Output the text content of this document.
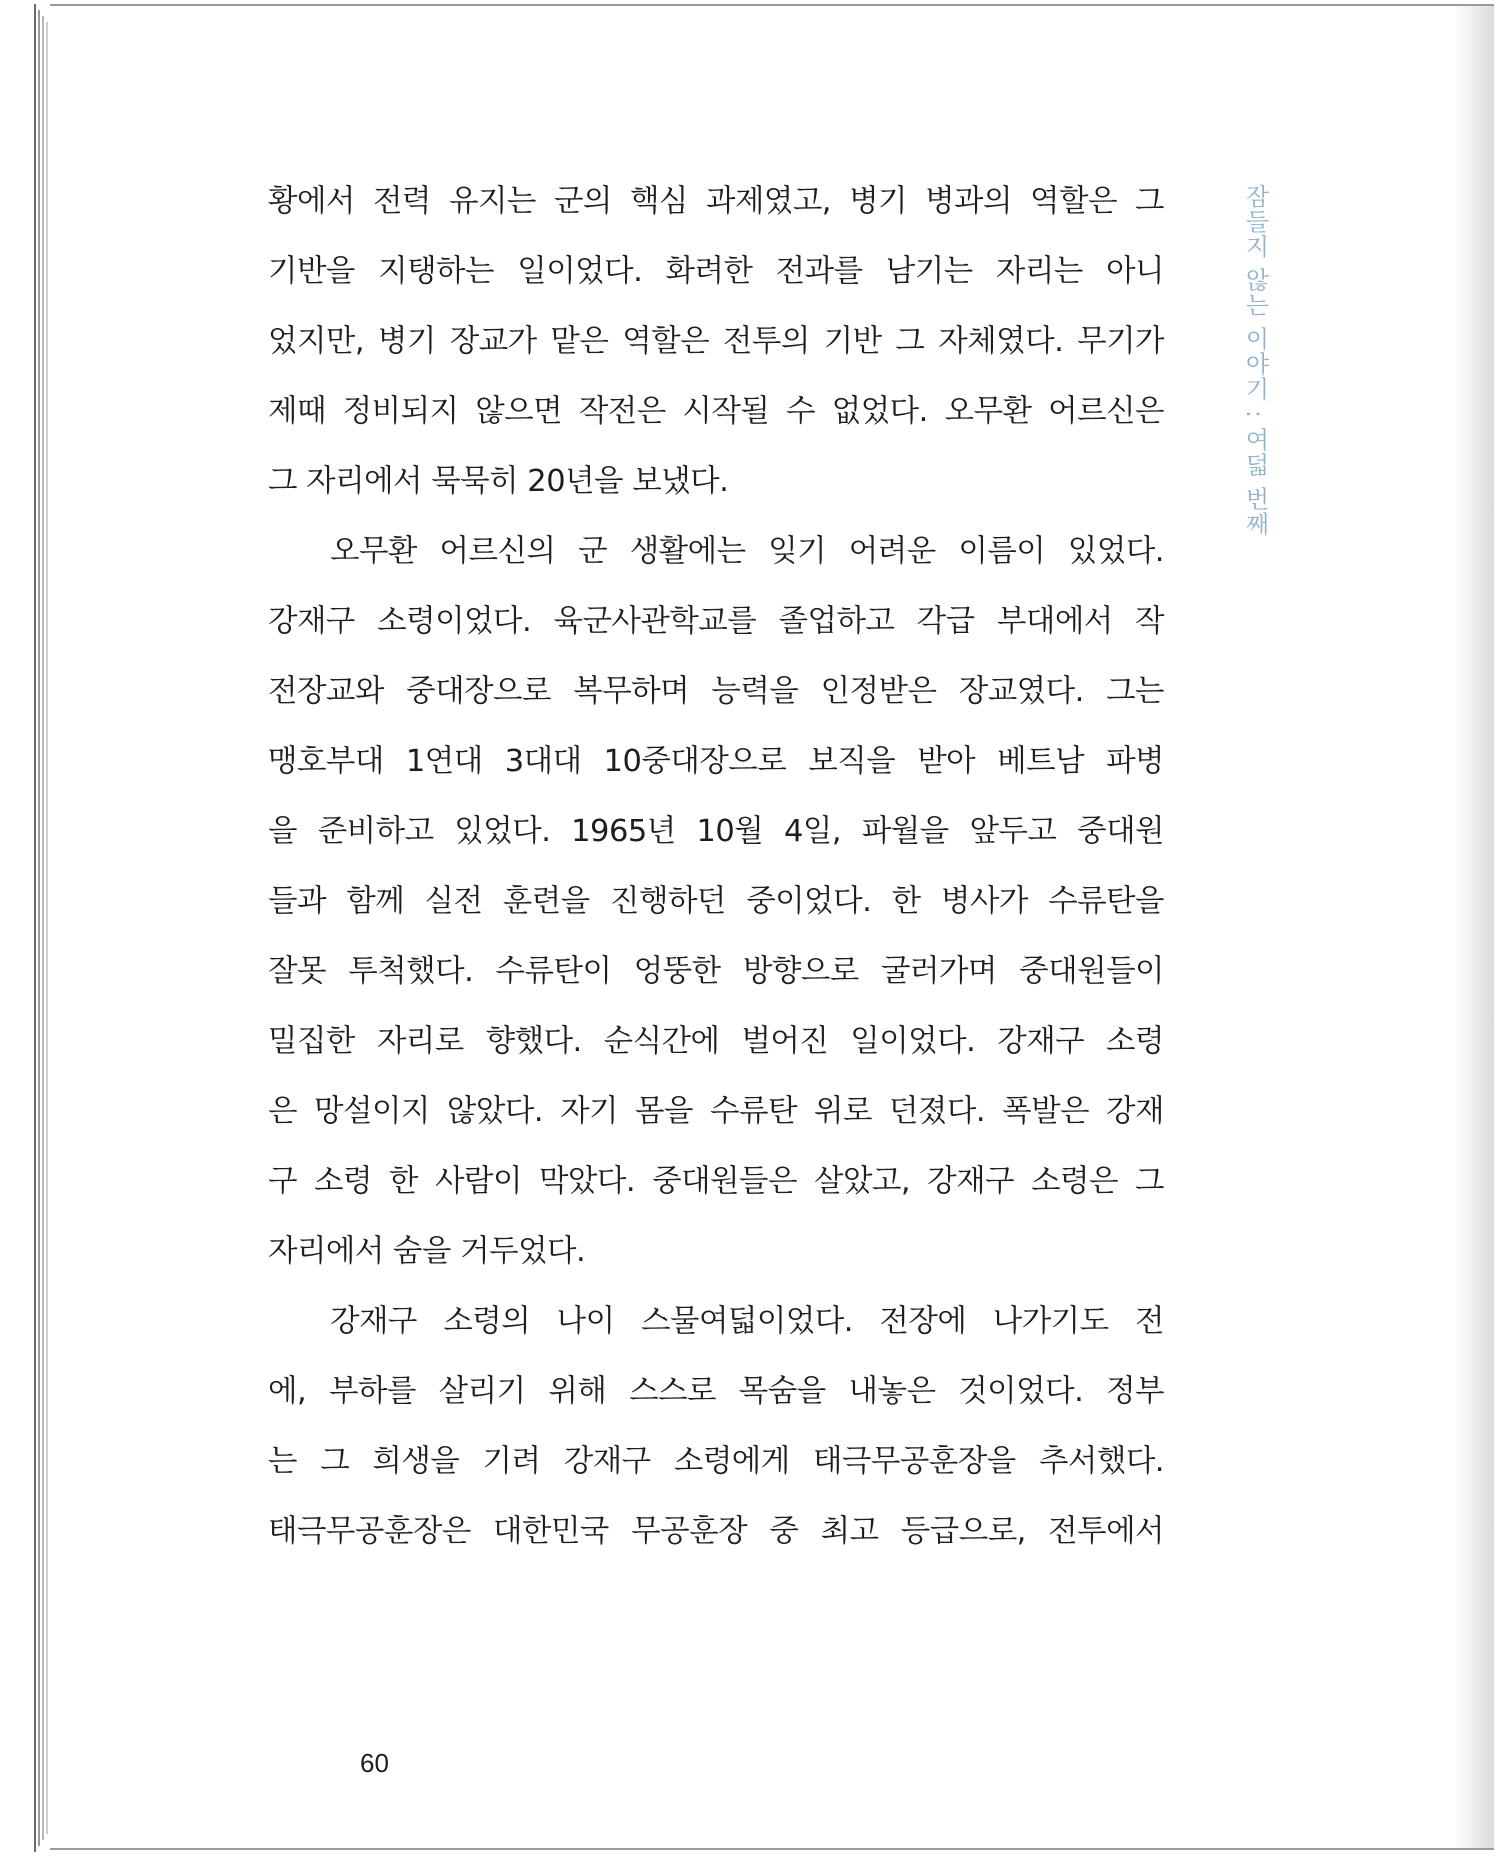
황에서 전력 유지는 군의 핵심 과제였고, 병기 병과의 역할은 그
기반을 지탱하는 일이었다. 화려한 전과를 남기는 자리는 아니
었지만, 병기 장교가 맡은 역할은 전투의 기반 그 자체였다. 무기가
제때 정비되지 않으면 작전은 시작될 수 없었다. 오무환 어르신은
그 자리에서 묵묵히 20년을 보냈다.
오무환 어르신의 군 생활에는 잊기 어려운 이름이 있었다.
강재구 소령이었다. 육군사관학교를 졸업하고 각급 부대에서 작
전장교와 중대장으로 복무하며 능력을 인정받은 장교였다. 그는
맹호부대 1연대 3대대 10중대장으로 보직을 받아 베트남 파병
을 준비하고 있었다. 1965년 10월 4일, 파월을 앞두고 중대원
들과 함께 실전 훈련을 진행하던 중이었다. 한 병사가 수류탄을
잘못 투척했다. 수류탄이 엉뚱한 방향으로 굴러가며 중대원들이
밀집한 자리로 향했다. 순식간에 벌어진 일이었다. 강재구 소령
은 망설이지 않았다. 자기 몸을 수류탄 위로 던졌다. 폭발은 강재
구 소령 한 사람이 막았다. 중대원들은 살았고, 강재구 소령은 그
자리에서 숨을 거두었다.
강재구 소령의 나이 스물여덟이었다. 전장에 나가기도 전
에, 부하를 살리기 위해 스스로 목숨을 내놓은 것이었다. 정부
는 그 희생을 기려 강재구 소령에게 태극무공훈장을 추서했다.
태극무공훈장은 대한민국 무공훈장 중 최고 등급으로, 전투에서
잠들지 않는 이야기 : 여덟 번째
60
